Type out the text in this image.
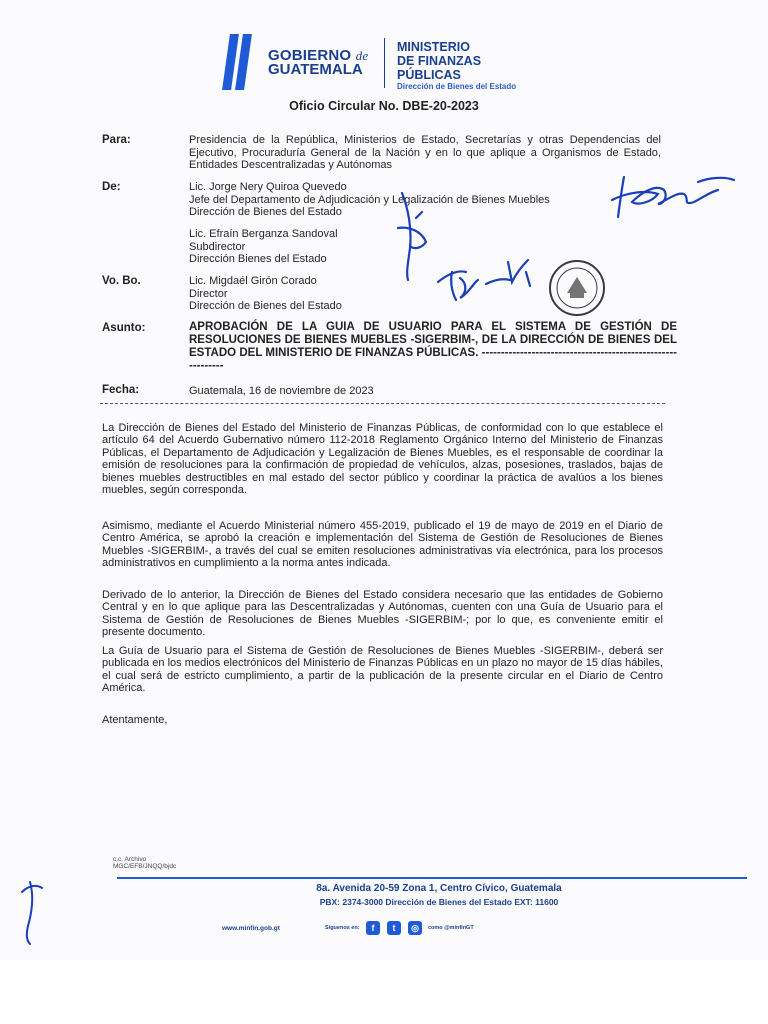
GOBIERNO de
GUATEMALA
MINISTERIO
DE FINANZAS
PÚBLICAS
Dirección de Bienes del Estado
Oficio Circular No. DBE-20-2023
Para:	Presidencia de la República, Ministerios de Estado, Secretarías y otras Dependencias del Ejecutivo, Procuraduría General de la Nación y en lo que aplique a Organismos de Estado, Entidades Descentralizadas y Autónomas
De:	Lic. Jorge Nery Quiroa Quevedo
Jefe del Departamento de Adjudicación y Legalización de Bienes Muebles
Dirección de Bienes del Estado
Lic. Efraín Berganza Sandoval
Subdirector
Dirección Bienes del Estado
Vo. Bo.	Lic. Migdaél Girón Corado
Director
Dirección de Bienes del Estado
Asunto:	APROBACIÓN DE LA GUIA DE USUARIO PARA EL SISTEMA DE GESTIÓN DE RESOLUCIONES DE BIENES MUEBLES -SIGERBIM-, DE LA DIRECCIÓN DE BIENES DEL ESTADO DEL MINISTERIO DE FINANZAS PÚBLICAS. ------------------------------------------------------------
Fecha:	Guatemala, 16 de noviembre de 2023
La Dirección de Bienes del Estado del Ministerio de Finanzas Públicas, de conformidad con lo que establece el artículo 64 del Acuerdo Gubernativo número 112-2018 Reglamento Orgánico Interno del Ministerio de Finanzas Públicas, el Departamento de Adjudicación y Legalización de Bienes Muebles, es el responsable de coordinar la emisión de resoluciones para la confirmación de propiedad de vehículos, alzas, posesiones, traslados, bajas de bienes muebles destructibles en mal estado del sector público y coordinar la práctica de avalúos a los bienes muebles, según corresponda.
Asimismo, mediante el Acuerdo Ministerial número 455-2019, publicado el 19 de mayo de 2019 en el Diario de Centro América, se aprobó la creación e implementación del Sistema de Gestión de Resoluciones de Bienes Muebles -SIGERBIM-, a través del cual se emiten resoluciones administrativas vía electrónica, para los procesos administrativos en cumplimiento a la norma antes indicada.
Derivado de lo anterior, la Dirección de Bienes del Estado considera necesario que las entidades de Gobierno Central y en lo que aplique para las Descentralizadas y Autónomas, cuenten con una Guía de Usuario para el Sistema de Gestión de Resoluciones de Bienes Muebles -SIGERBIM-; por lo que, es conveniente emitir el presente documento.
La Guía de Usuario para el Sistema de Gestión de Resoluciones de Bienes Muebles -SIGERBIM-, deberá ser publicada en los medios electrónicos del Ministerio de Finanzas Públicas en un plazo no mayor de 15 días hábiles, el cual será de estricto cumplimiento, a partir de la publicación de la presente circular en el Diario de Centro América.
Atentamente,
c.c. Archivo
MGC/EFB/JNQQ/bjdc
8a. Avenida 20-59 Zona 1, Centro Cívico, Guatemala
PBX: 2374-3000 Dirección de Bienes del Estado EXT: 11600
www.minfin.gob.gt	Síguenos en:	f	t	◎	como @minfinGT
